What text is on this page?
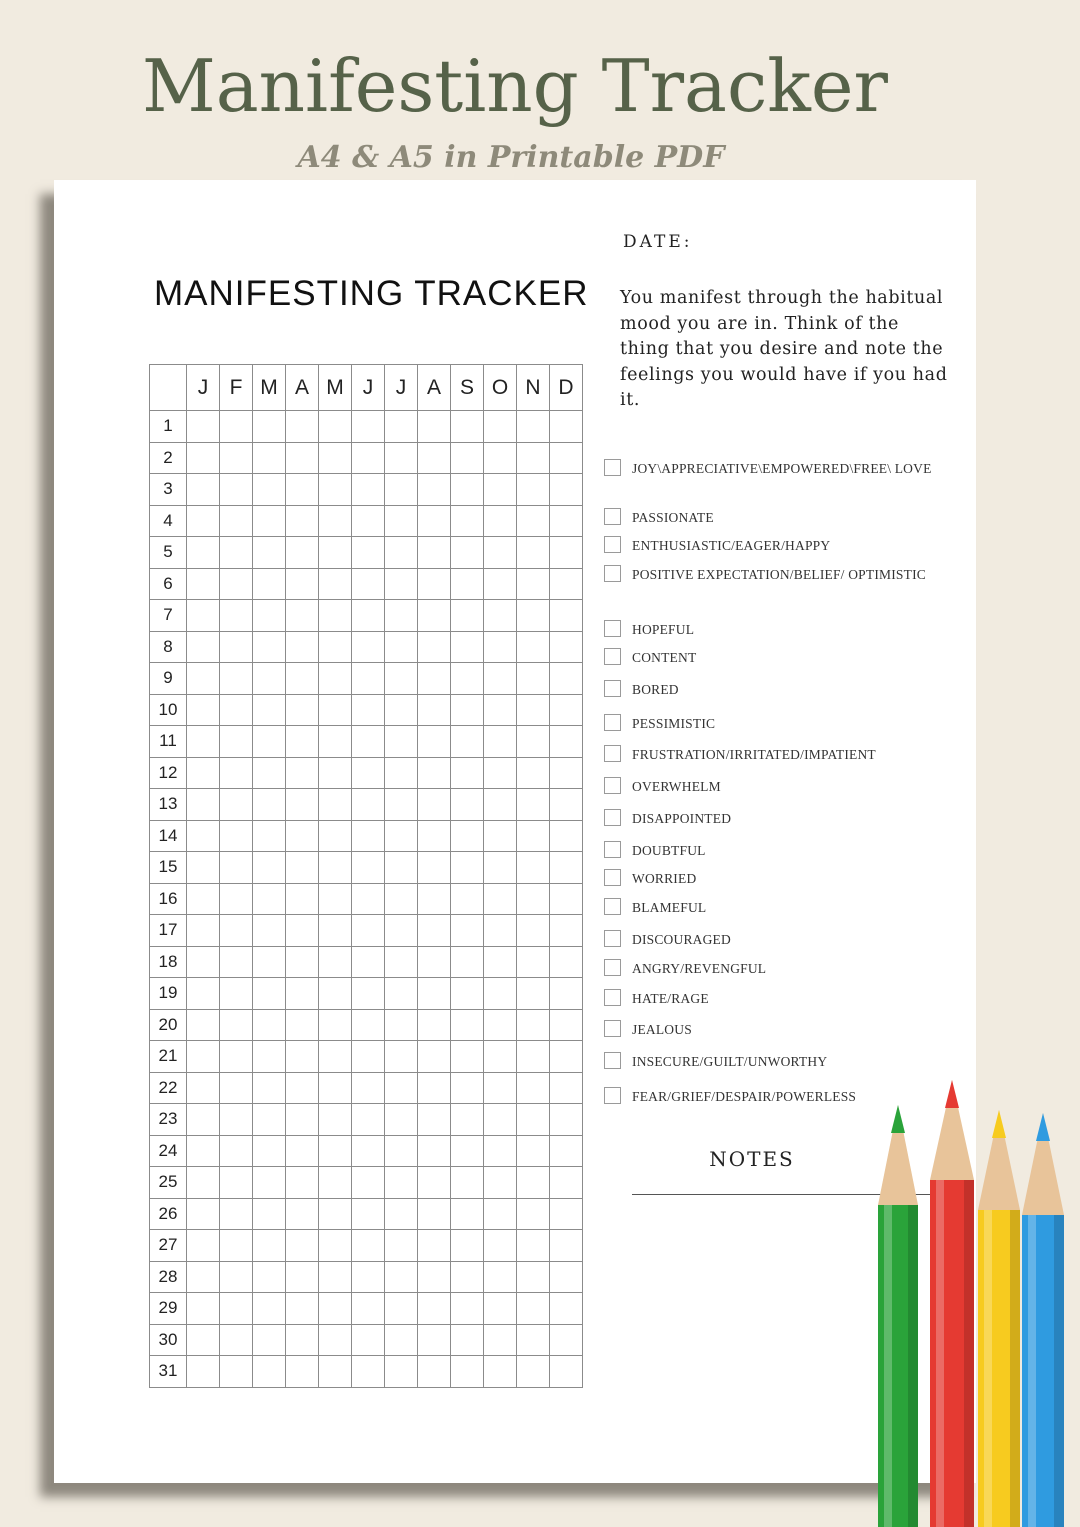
Manifesting Tracker
A4 & A5 in Printable PDF
MANIFESTING TRACKER
	J	F	M	A	M	J	J	A	S	O	N	D
1												
2												
3												
4												
5												
6												
7												
8												
9												
10												
11												
12												
13												
14												
15												
16												
17												
18												
19												
20												
21												
22												
23												
24												
25												
26												
27												
28												
29												
30												
31												
DATE:
You manifest through the habitual mood you are in. Think of the thing that you desire and note the feelings you would have if you had it.
JOY\APPRECIATIVE\EMPOWERED\FREE\ LOVE
PASSIONATE
ENTHUSIASTIC/EAGER/HAPPY
POSITIVE EXPECTATION/BELIEF/ OPTIMISTIC
HOPEFUL
CONTENT
BORED
PESSIMISTIC
FRUSTRATION/IRRITATED/IMPATIENT
OVERWHELM
DISAPPOINTED
DOUBTFUL
WORRIED
BLAMEFUL
DISCOURAGED
ANGRY/REVENGFUL
HATE/RAGE
JEALOUS
INSECURE/GUILT/UNWORTHY
FEAR/GRIEF/DESPAIR/POWERLESS
NOTES
